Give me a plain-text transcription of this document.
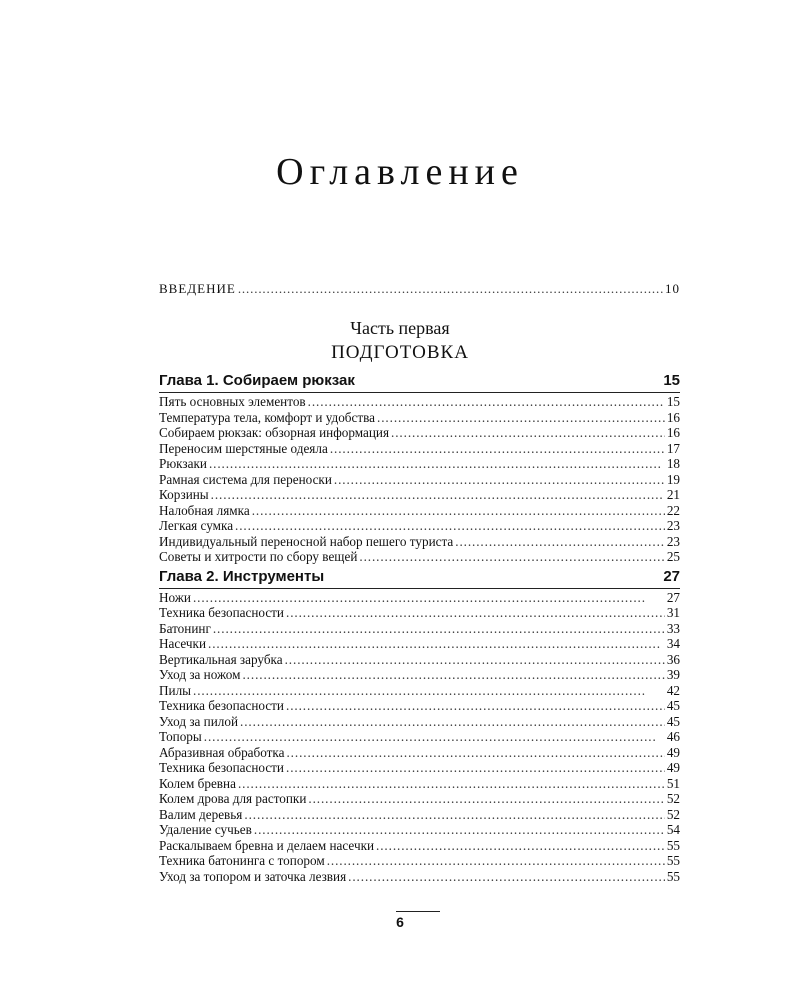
Оглавление
ВВЕДЕНИЕ . . .	10
Часть первая
ПОДГОТОВКА
Глава 1. Собираем рюкзак	15
Пять основных элементов . . .	15
Температура тела, комфорт и удобства . . .	16
Собираем рюкзак: обзорная информация . . .	16
Переносим шерстяные одеяла . . .	17
Рюкзаки . . .	18
Рамная система для переноски . . .	19
Корзины . . .	21
Налобная лямка . . .	22
Легкая сумка . . .	23
Индивидуальный переносной набор пешего туриста . . .	23
Советы и хитрости по сбору вещей . . .	25
Глава 2. Инструменты	27
Ножи . . .	27
Техника безопасности . . .	31
Батонинг . . .	33
Насечки . . .	34
Вертикальная зарубка . . .	36
Уход за ножом . . .	39
Пилы . . .	42
Техника безопасности . . .	45
Уход за пилой . . .	45
Топоры . . .	46
Абразивная обработка . . .	49
Техника безопасности . . .	49
Колем бревна . . .	51
Колем дрова для растопки . . .	52
Валим деревья . . .	52
Удаление сучьев . . .	54
Раскалываем бревна и делаем насечки . . .	55
Техника батонинга с топором . . .	55
Уход за топором и заточка лезвия . . .	55
6
